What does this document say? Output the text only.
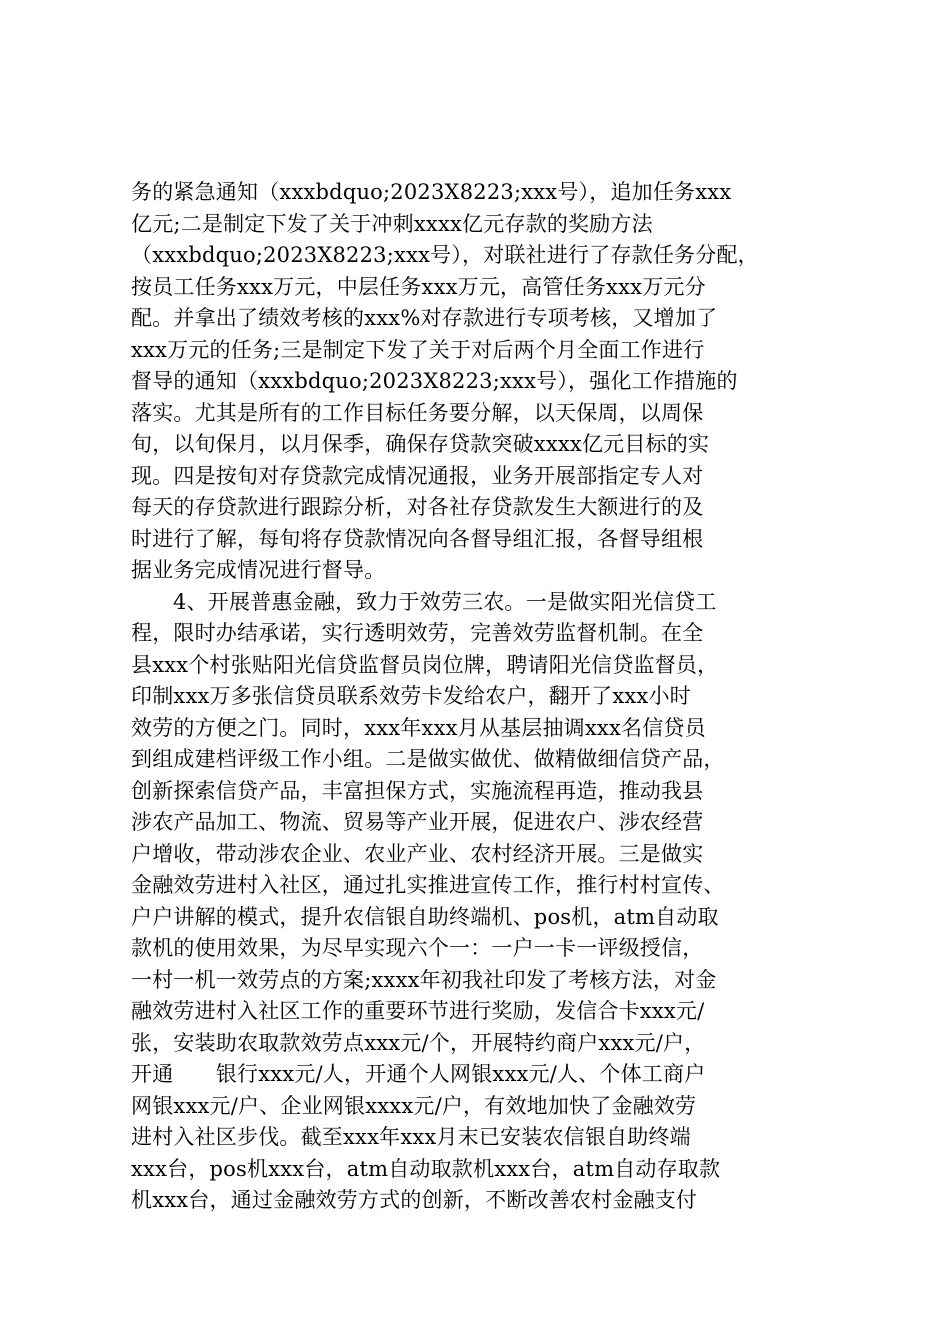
务的紧急通知（xxxbdquo;2023X8223;xxx号），追加任务xxx
亿元;二是制定下发了关于冲刺xxxx亿元存款的奖励方法
（xxxbdquo;2023X8223;xxx号），对联社进行了存款任务分配，
按员工任务xxx万元，中层任务xxx万元，高管任务xxx万元分
配。并拿出了绩效考核的xxx%对存款进行专项考核，又增加了
xxx万元的任务;三是制定下发了关于对后两个月全面工作进行
督导的通知（xxxbdquo;2023X8223;xxx号），强化工作措施的
落实。尤其是所有的工作目标任务要分解，以天保周，以周保
旬，以旬保月，以月保季，确保存贷款突破xxxx亿元目标的实
现。四是按旬对存贷款完成情况通报，业务开展部指定专人对
每天的存贷款进行跟踪分析，对各社存贷款发生大额进行的及
时进行了解，每旬将存贷款情况向各督导组汇报，各督导组根
据业务完成情况进行督导。
4、开展普惠金融，致力于效劳三农。一是做实阳光信贷工
程，限时办结承诺，实行透明效劳，完善效劳监督机制。在全
县xxx个村张贴阳光信贷监督员岗位牌，聘请阳光信贷监督员，
印制xxx万多张信贷员联系效劳卡发给农户，翻开了xxx小时
效劳的方便之门。同时，xxx年xxx月从基层抽调xxx名信贷员
到组成建档评级工作小组。二是做实做优、做精做细信贷产品，
创新探索信贷产品，丰富担保方式，实施流程再造，推动我县
涉农产品加工、物流、贸易等产业开展，促进农户、涉农经营
户增收，带动涉农企业、农业产业、农村经济开展。三是做实
金融效劳进村入社区，通过扎实推进宣传工作，推行村村宣传、
户户讲解的模式，提升农信银自助终端机、pos机，atm自动取
款机的使用效果，为尽早实现六个一：一户一卡一评级授信，
一村一机一效劳点的方案;xxxx年初我社印发了考核方法，对金
融效劳进村入社区工作的重要环节进行奖励，发信合卡xxx元/
张，安装助农取款效劳点xxx元/个，开展特约商户xxx元/户，
开通　　银行xxx元/人，开通个人网银xxx元/人、个体工商户
网银xxx元/户、企业网银xxxx元/户，有效地加快了金融效劳
进村入社区步伐。截至xxx年xxx月末已安装农信银自助终端
xxx台，pos机xxx台，atm自动取款机xxx台，atm自动存取款
机xxx台，通过金融效劳方式的创新，不断改善农村金融支付
